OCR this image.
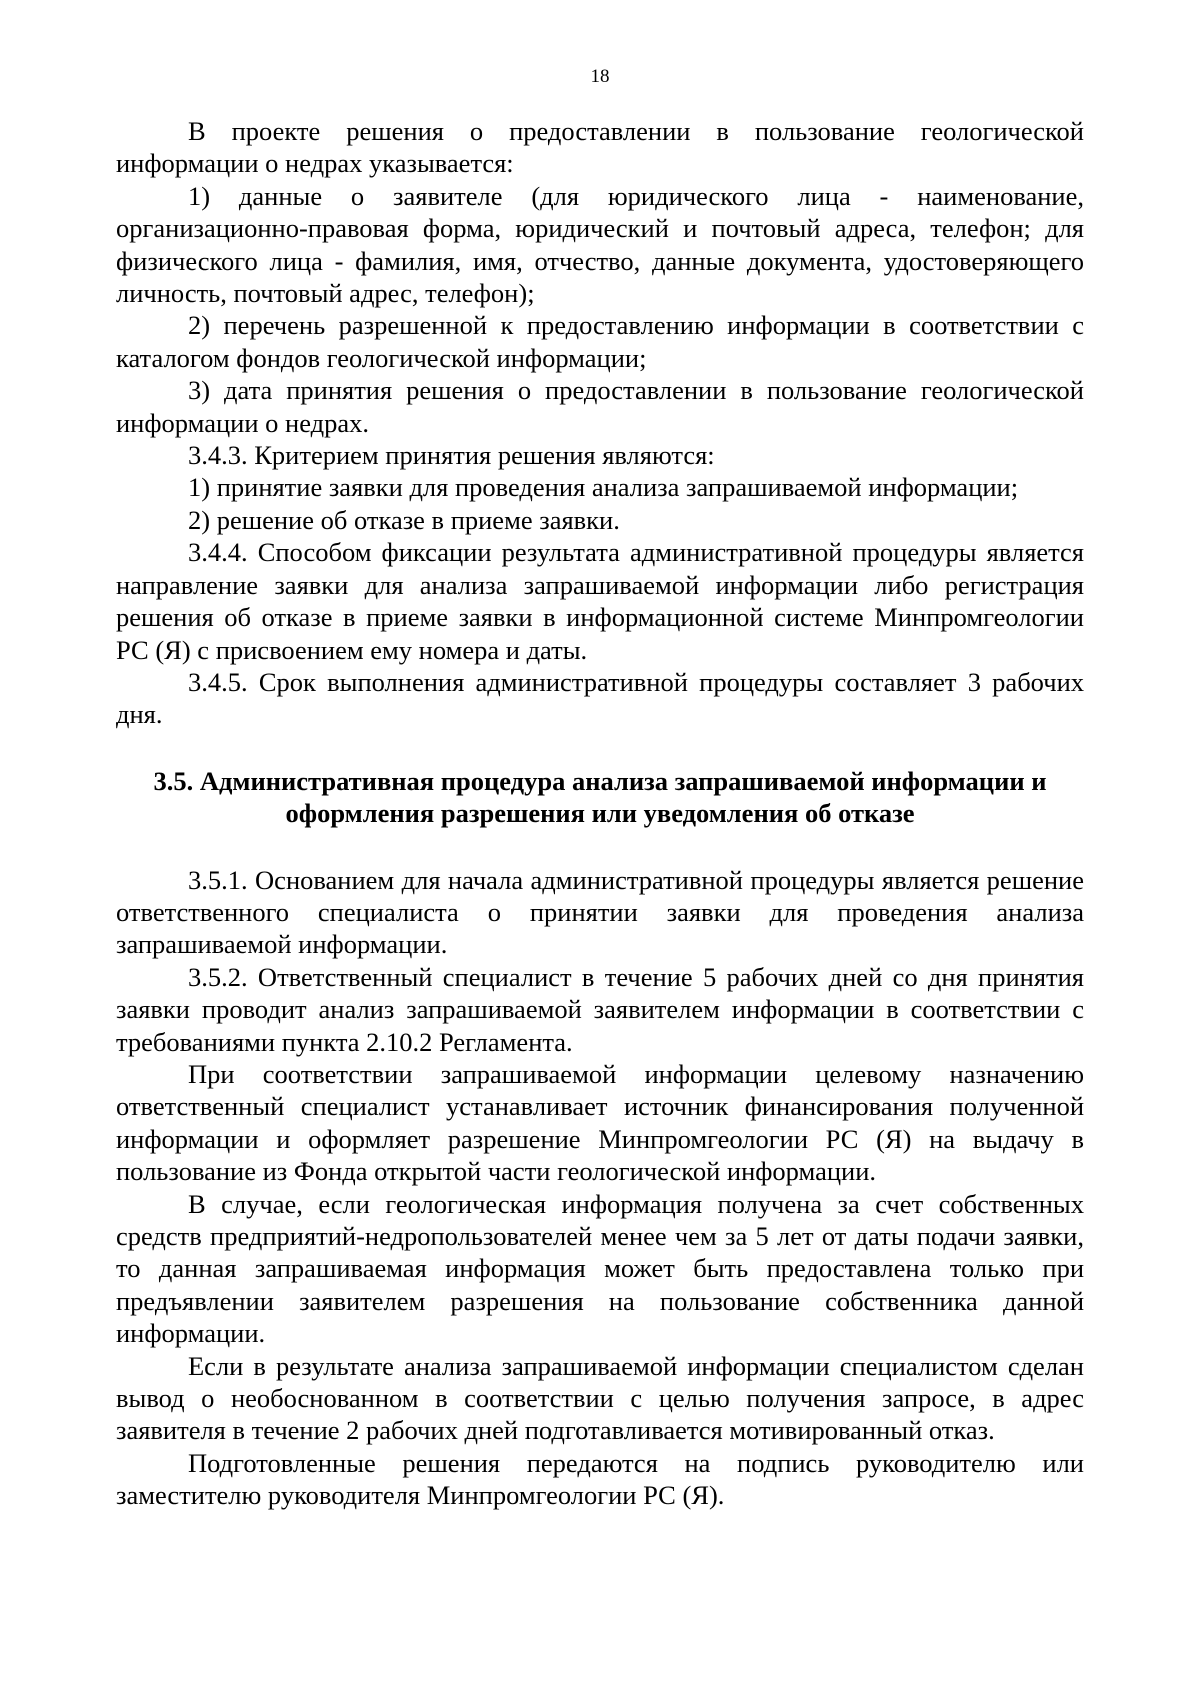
18

В проекте решения о предоставлении в пользование геологической информации о недрах указывается:

1) данные о заявителе (для юридического лица - наименование, организационно-правовая форма, юридический и почтовый адреса, телефон; для физического лица - фамилия, имя, отчество, данные документа, удостоверяющего личность, почтовый адрес, телефон);

2) перечень разрешенной к предоставлению информации в соответствии с каталогом фондов геологической информации;

3) дата принятия решения о предоставлении в пользование геологической информации о недрах.

3.4.3. Критерием принятия решения являются:

1) принятие заявки для проведения анализа запрашиваемой информации;

2) решение об отказе в приеме заявки.

3.4.4. Способом фиксации результата административной процедуры является направление заявки для анализа запрашиваемой информации либо регистрация решения об отказе в приеме заявки в информационной системе Минпромгеологии РС (Я) с присвоением ему номера и даты.

3.4.5. Срок выполнения административной процедуры составляет 3 рабочих дня.

3.5. Административная процедура анализа запрашиваемой информации и оформления разрешения или уведомления об отказе

3.5.1. Основанием для начала административной процедуры является решение ответственного специалиста о принятии заявки для проведения анализа запрашиваемой информации.

3.5.2. Ответственный специалист в течение 5 рабочих дней со дня принятия заявки проводит анализ запрашиваемой заявителем информации в соответствии с требованиями пункта 2.10.2 Регламента.

При соответствии запрашиваемой информации целевому назначению ответственный специалист устанавливает источник финансирования полученной информации и оформляет разрешение Минпромгеологии РС (Я) на выдачу в пользование из Фонда открытой части геологической информации.

В случае, если геологическая информация получена за счет собственных средств предприятий-недропользователей менее чем за 5 лет от даты подачи заявки, то данная запрашиваемая информация может быть предоставлена только при предъявлении заявителем разрешения на пользование собственника данной информации.

Если в результате анализа запрашиваемой информации специалистом сделан вывод о необоснованном в соответствии с целью получения запросе, в адрес заявителя в течение 2 рабочих дней подготавливается мотивированный отказ.

Подготовленные решения передаются на подпись руководителю или заместителю руководителя Минпромгеологии РС (Я).
